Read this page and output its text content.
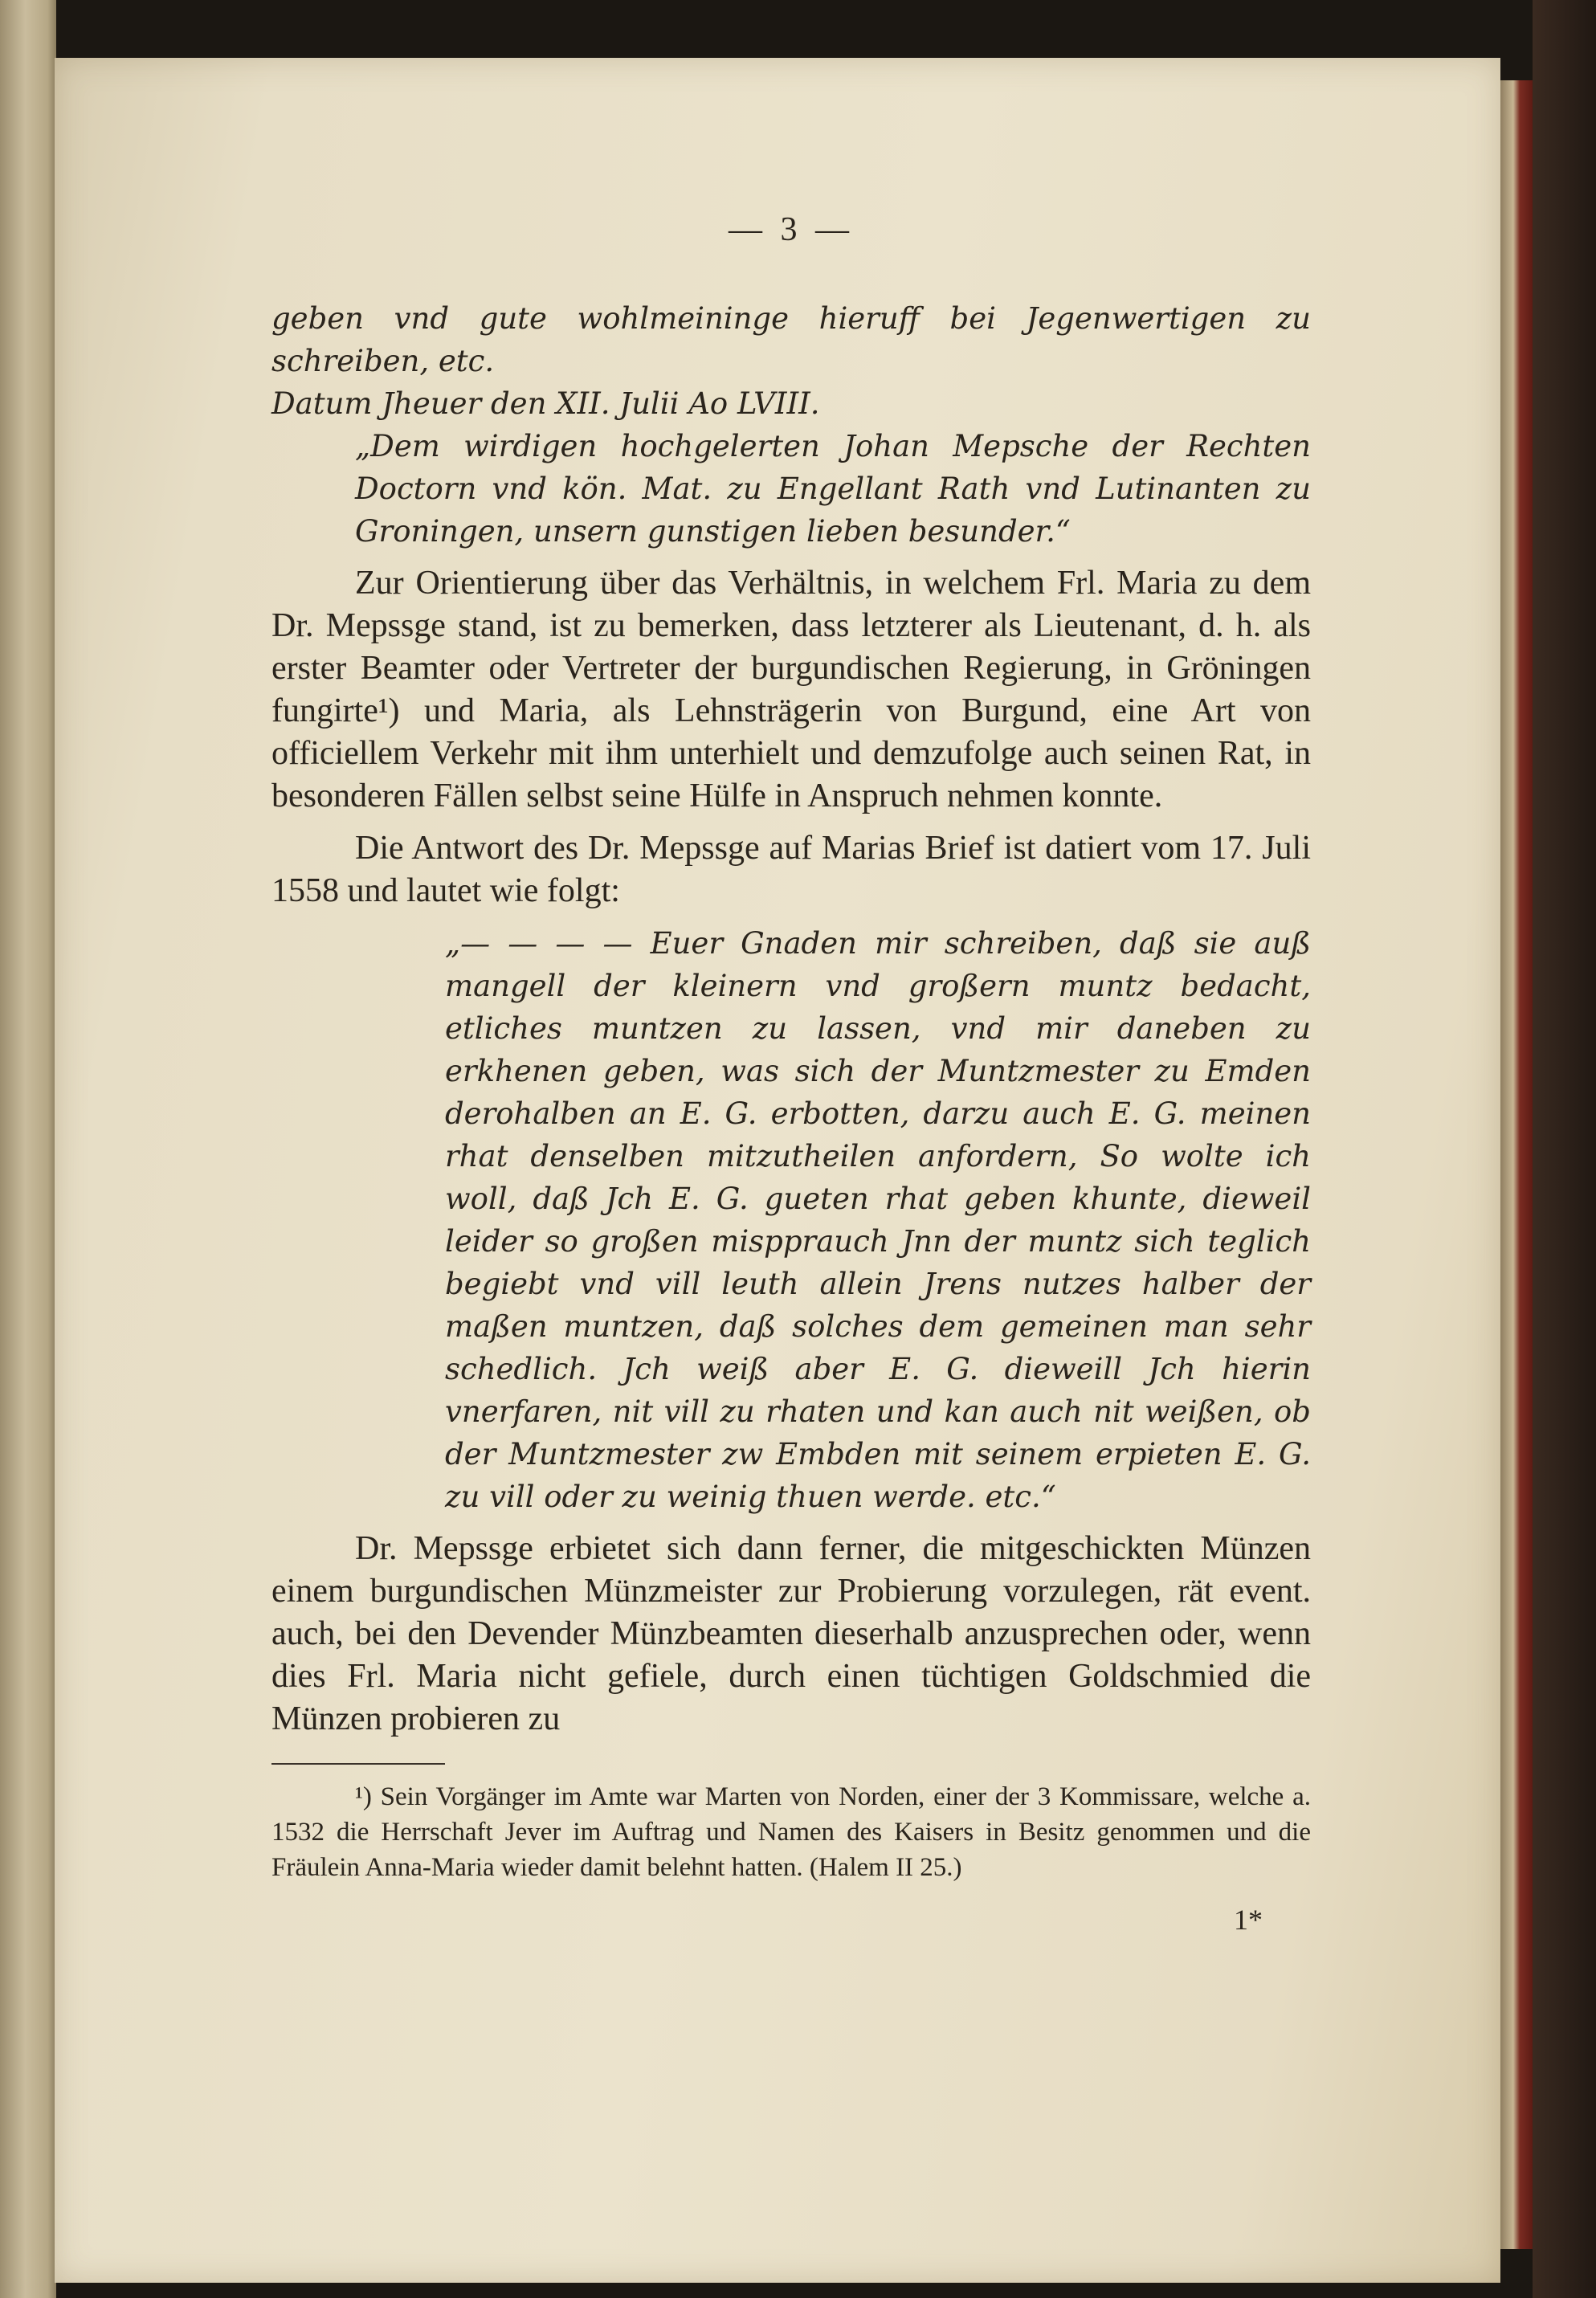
— 3 —

geben vnd gute wohlmeininge hieruff bei Jegenwertigen zu schreiben, etc.

Datum Jheuer den XII. Julii Ao LVIII.

„Dem wirdigen hochgelerten Johan Mepsche der Rechten Doctorn vnd kön. Mat. zu Engellant Rath vnd Lutinanten zu Groningen, unsern gunstigen lieben besunder.“

Zur Orientierung über das Verhältnis, in welchem Frl. Maria zu dem Dr. Mepssge stand, ist zu bemerken, dass letzterer als Lieutenant, d. h. als erster Beamter oder Vertreter der burgundischen Regierung, in Gröningen fungirte¹) und Maria, als Lehnsträgerin von Burgund, eine Art von officiellem Verkehr mit ihm unterhielt und demzufolge auch seinen Rat, in besonderen Fällen selbst seine Hülfe in Anspruch nehmen konnte.

Die Antwort des Dr. Mepssge auf Marias Brief ist datiert vom 17. Juli 1558 und lautet wie folgt:

„— — — — Euer Gnaden mir schreiben, daß sie auß mangell der kleinern vnd großern muntz bedacht, etliches muntzen zu lassen, vnd mir daneben zu erkhenen geben, was sich der Muntzmester zu Emden derohalben an E. G. erbotten, darzu auch E. G. meinen rhat denselben mitzutheilen anfordern, So wolte ich woll, daß Jch E. G. gueten rhat geben khunte, dieweil leider so großen mispprauch Jnn der muntz sich teglich begiebt vnd vill leuth allein Jrens nutzes halber der maßen muntzen, daß solches dem gemeinen man sehr schedlich. Jch weiß aber E. G. dieweill Jch hierin vnerfaren, nit vill zu rhaten und kan auch nit weißen, ob der Muntzmester zw Embden mit seinem erpieten E. G. zu vill oder zu weinig thuen werde. etc.“

Dr. Mepssge erbietet sich dann ferner, die mitgeschickten Münzen einem burgundischen Münzmeister zur Probierung vorzulegen, rät event. auch, bei den Devender Münzbeamten dieserhalb anzusprechen oder, wenn dies Frl. Maria nicht gefiele, durch einen tüchtigen Goldschmied die Münzen probieren zu

¹) Sein Vorgänger im Amte war Marten von Norden, einer der 3 Kommissare, welche a. 1532 die Herrschaft Jever im Auftrag und Namen des Kaisers in Besitz genommen und die Fräulein Anna-Maria wieder damit belehnt hatten. (Halem II 25.)

1*
